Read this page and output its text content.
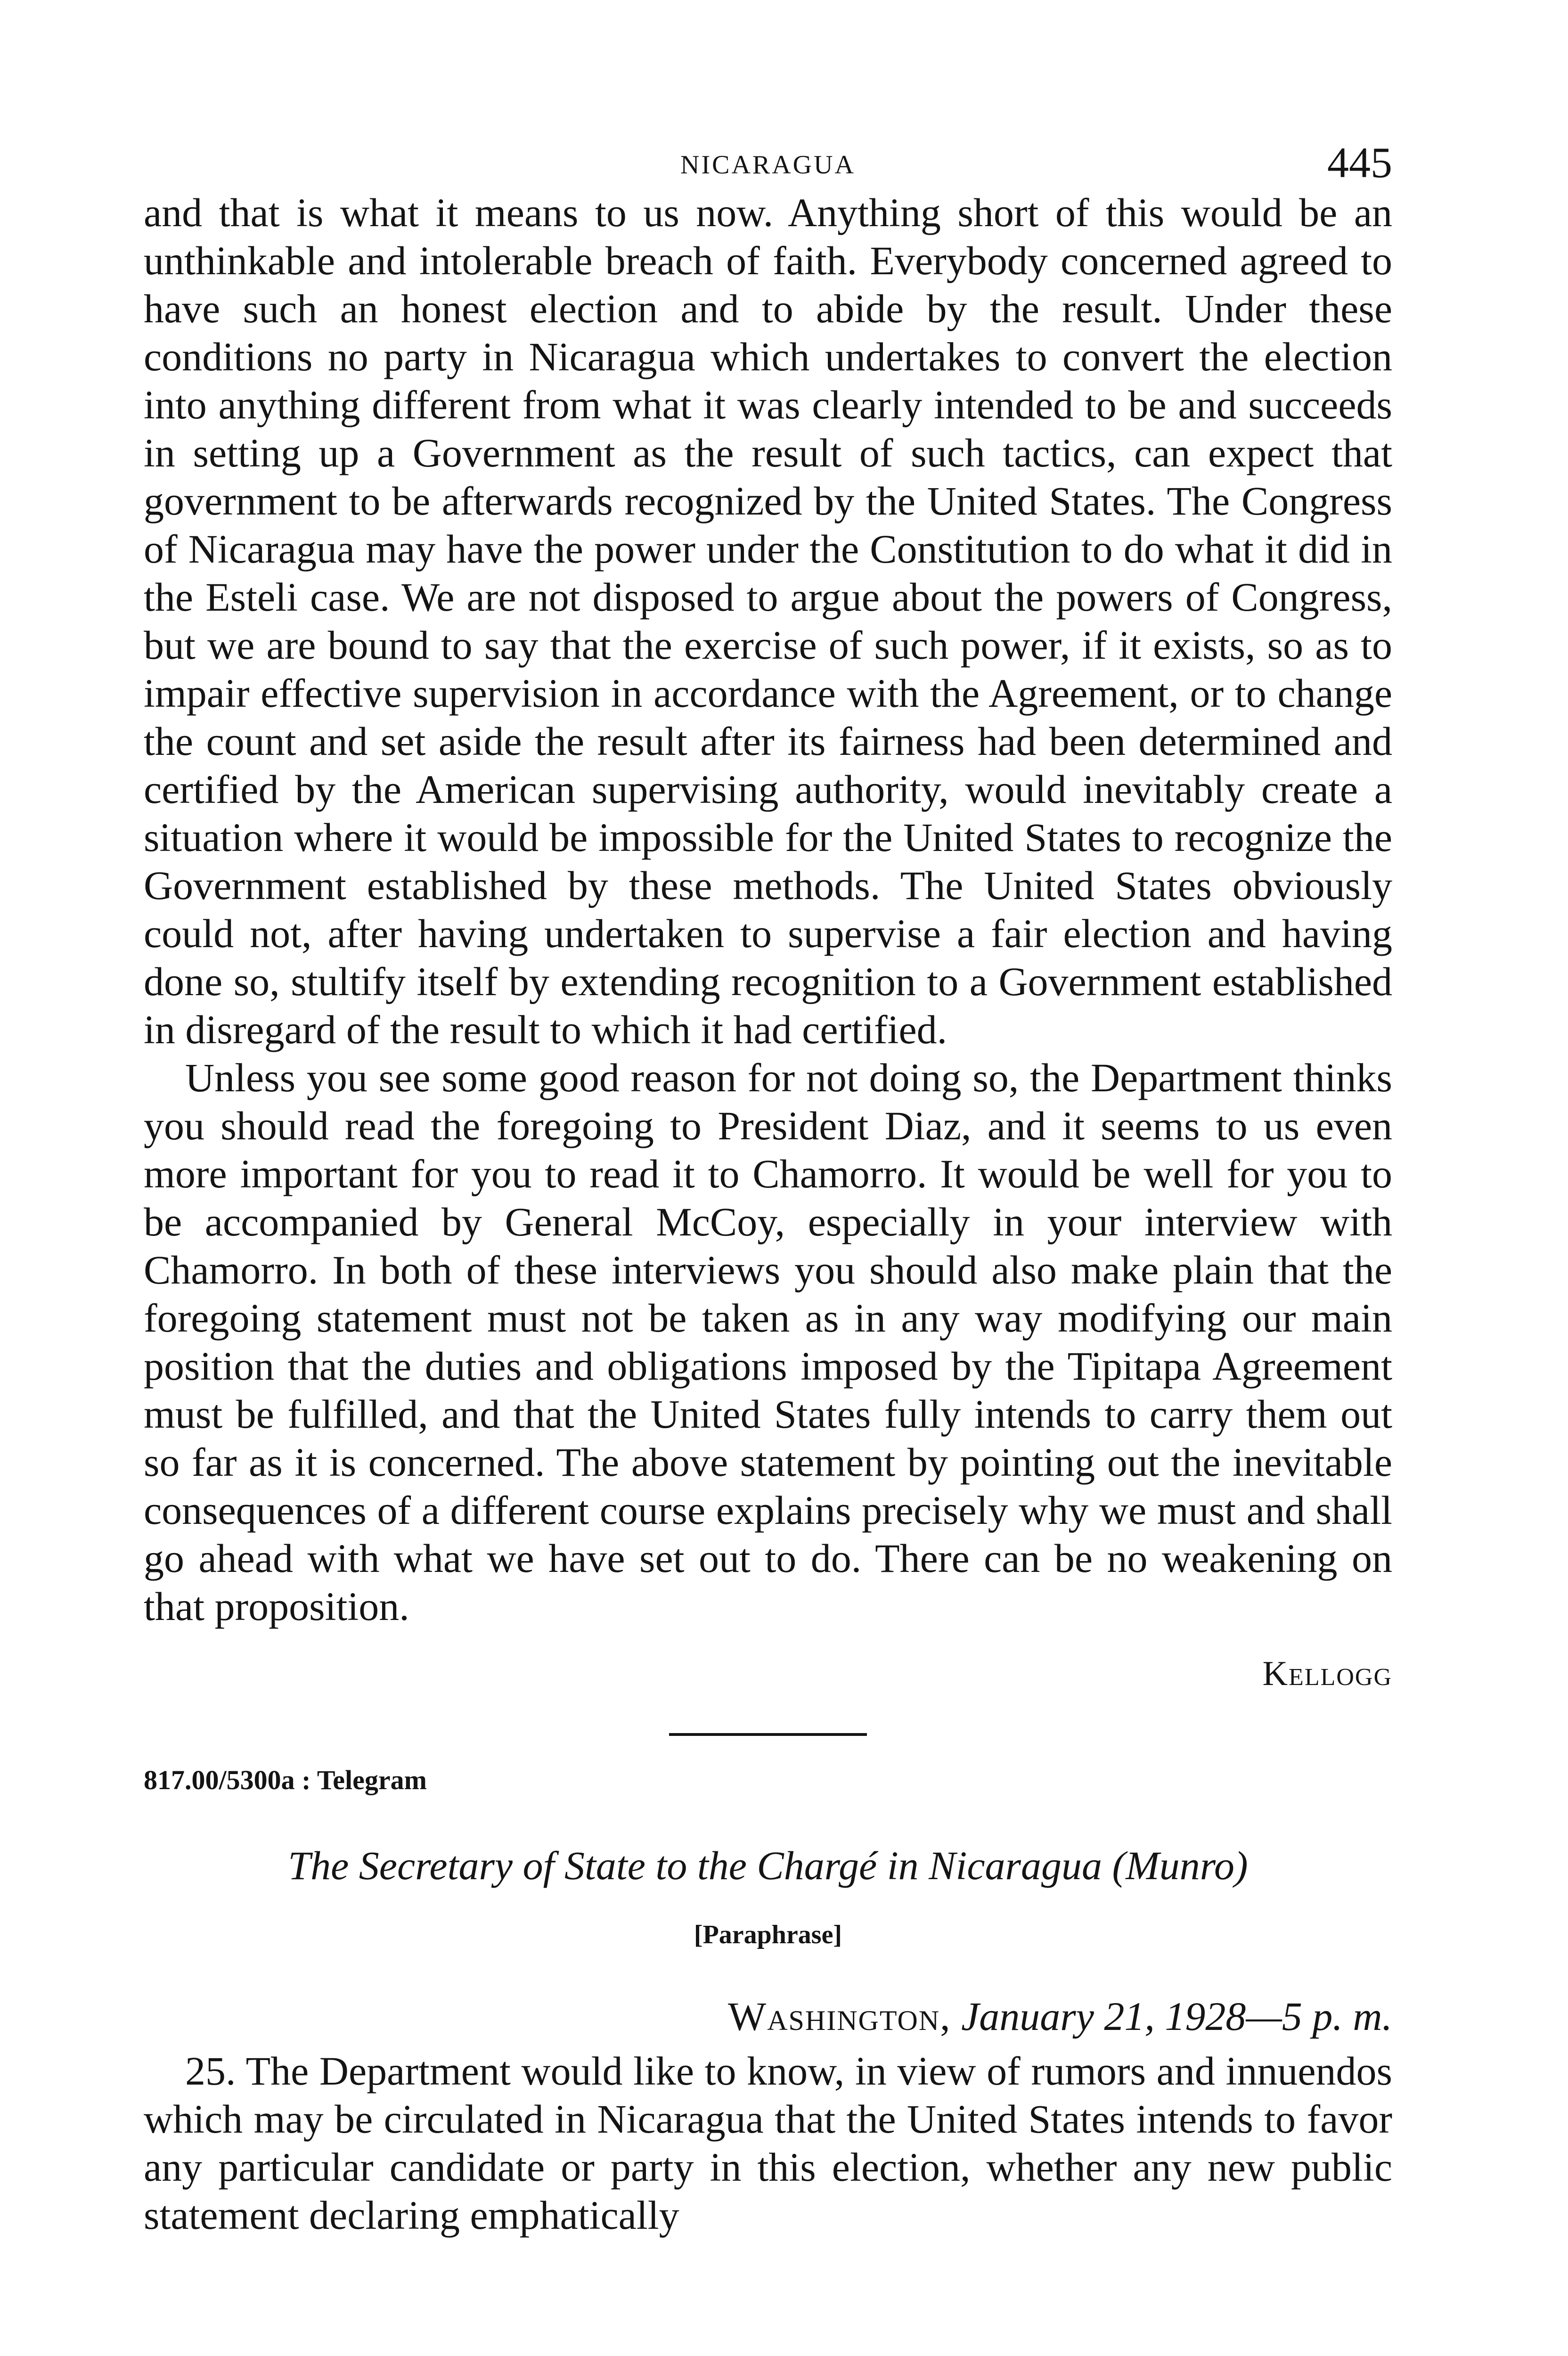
NICARAGUA	445

and that is what it means to us now. Anything short of this would be an unthinkable and intolerable breach of faith. Everybody concerned agreed to have such an honest election and to abide by the result. Under these conditions no party in Nicaragua which undertakes to convert the election into anything different from what it was clearly intended to be and succeeds in setting up a Government as the result of such tactics, can expect that government to be afterwards recognized by the United States. The Congress of Nicaragua may have the power under the Constitution to do what it did in the Esteli case. We are not disposed to argue about the powers of Congress, but we are bound to say that the exercise of such power, if it exists, so as to impair effective supervision in accordance with the Agreement, or to change the count and set aside the result after its fairness had been determined and certified by the American supervising authority, would inevitably create a situation where it would be impossible for the United States to recognize the Government established by these methods. The United States obviously could not, after having undertaken to supervise a fair election and having done so, stultify itself by extending recognition to a Government established in disregard of the result to which it had certified.

Unless you see some good reason for not doing so, the Department thinks you should read the foregoing to President Diaz, and it seems to us even more important for you to read it to Chamorro. It would be well for you to be accompanied by General McCoy, especially in your interview with Chamorro. In both of these interviews you should also make plain that the foregoing statement must not be taken as in any way modifying our main position that the duties and obligations imposed by the Tipitapa Agreement must be fulfilled, and that the United States fully intends to carry them out so far as it is concerned. The above statement by pointing out the inevitable consequences of a different course explains precisely why we must and shall go ahead with what we have set out to do. There can be no weakening on that proposition.

Kellogg
817.00/5300a : Telegram
The Secretary of State to the Chargé in Nicaragua (Munro)
[Paraphrase]
Washington, January 21, 1928—5 p. m.

25. The Department would like to know, in view of rumors and innuendos which may be circulated in Nicaragua that the United States intends to favor any particular candidate or party in this election, whether any new public statement declaring emphatically
